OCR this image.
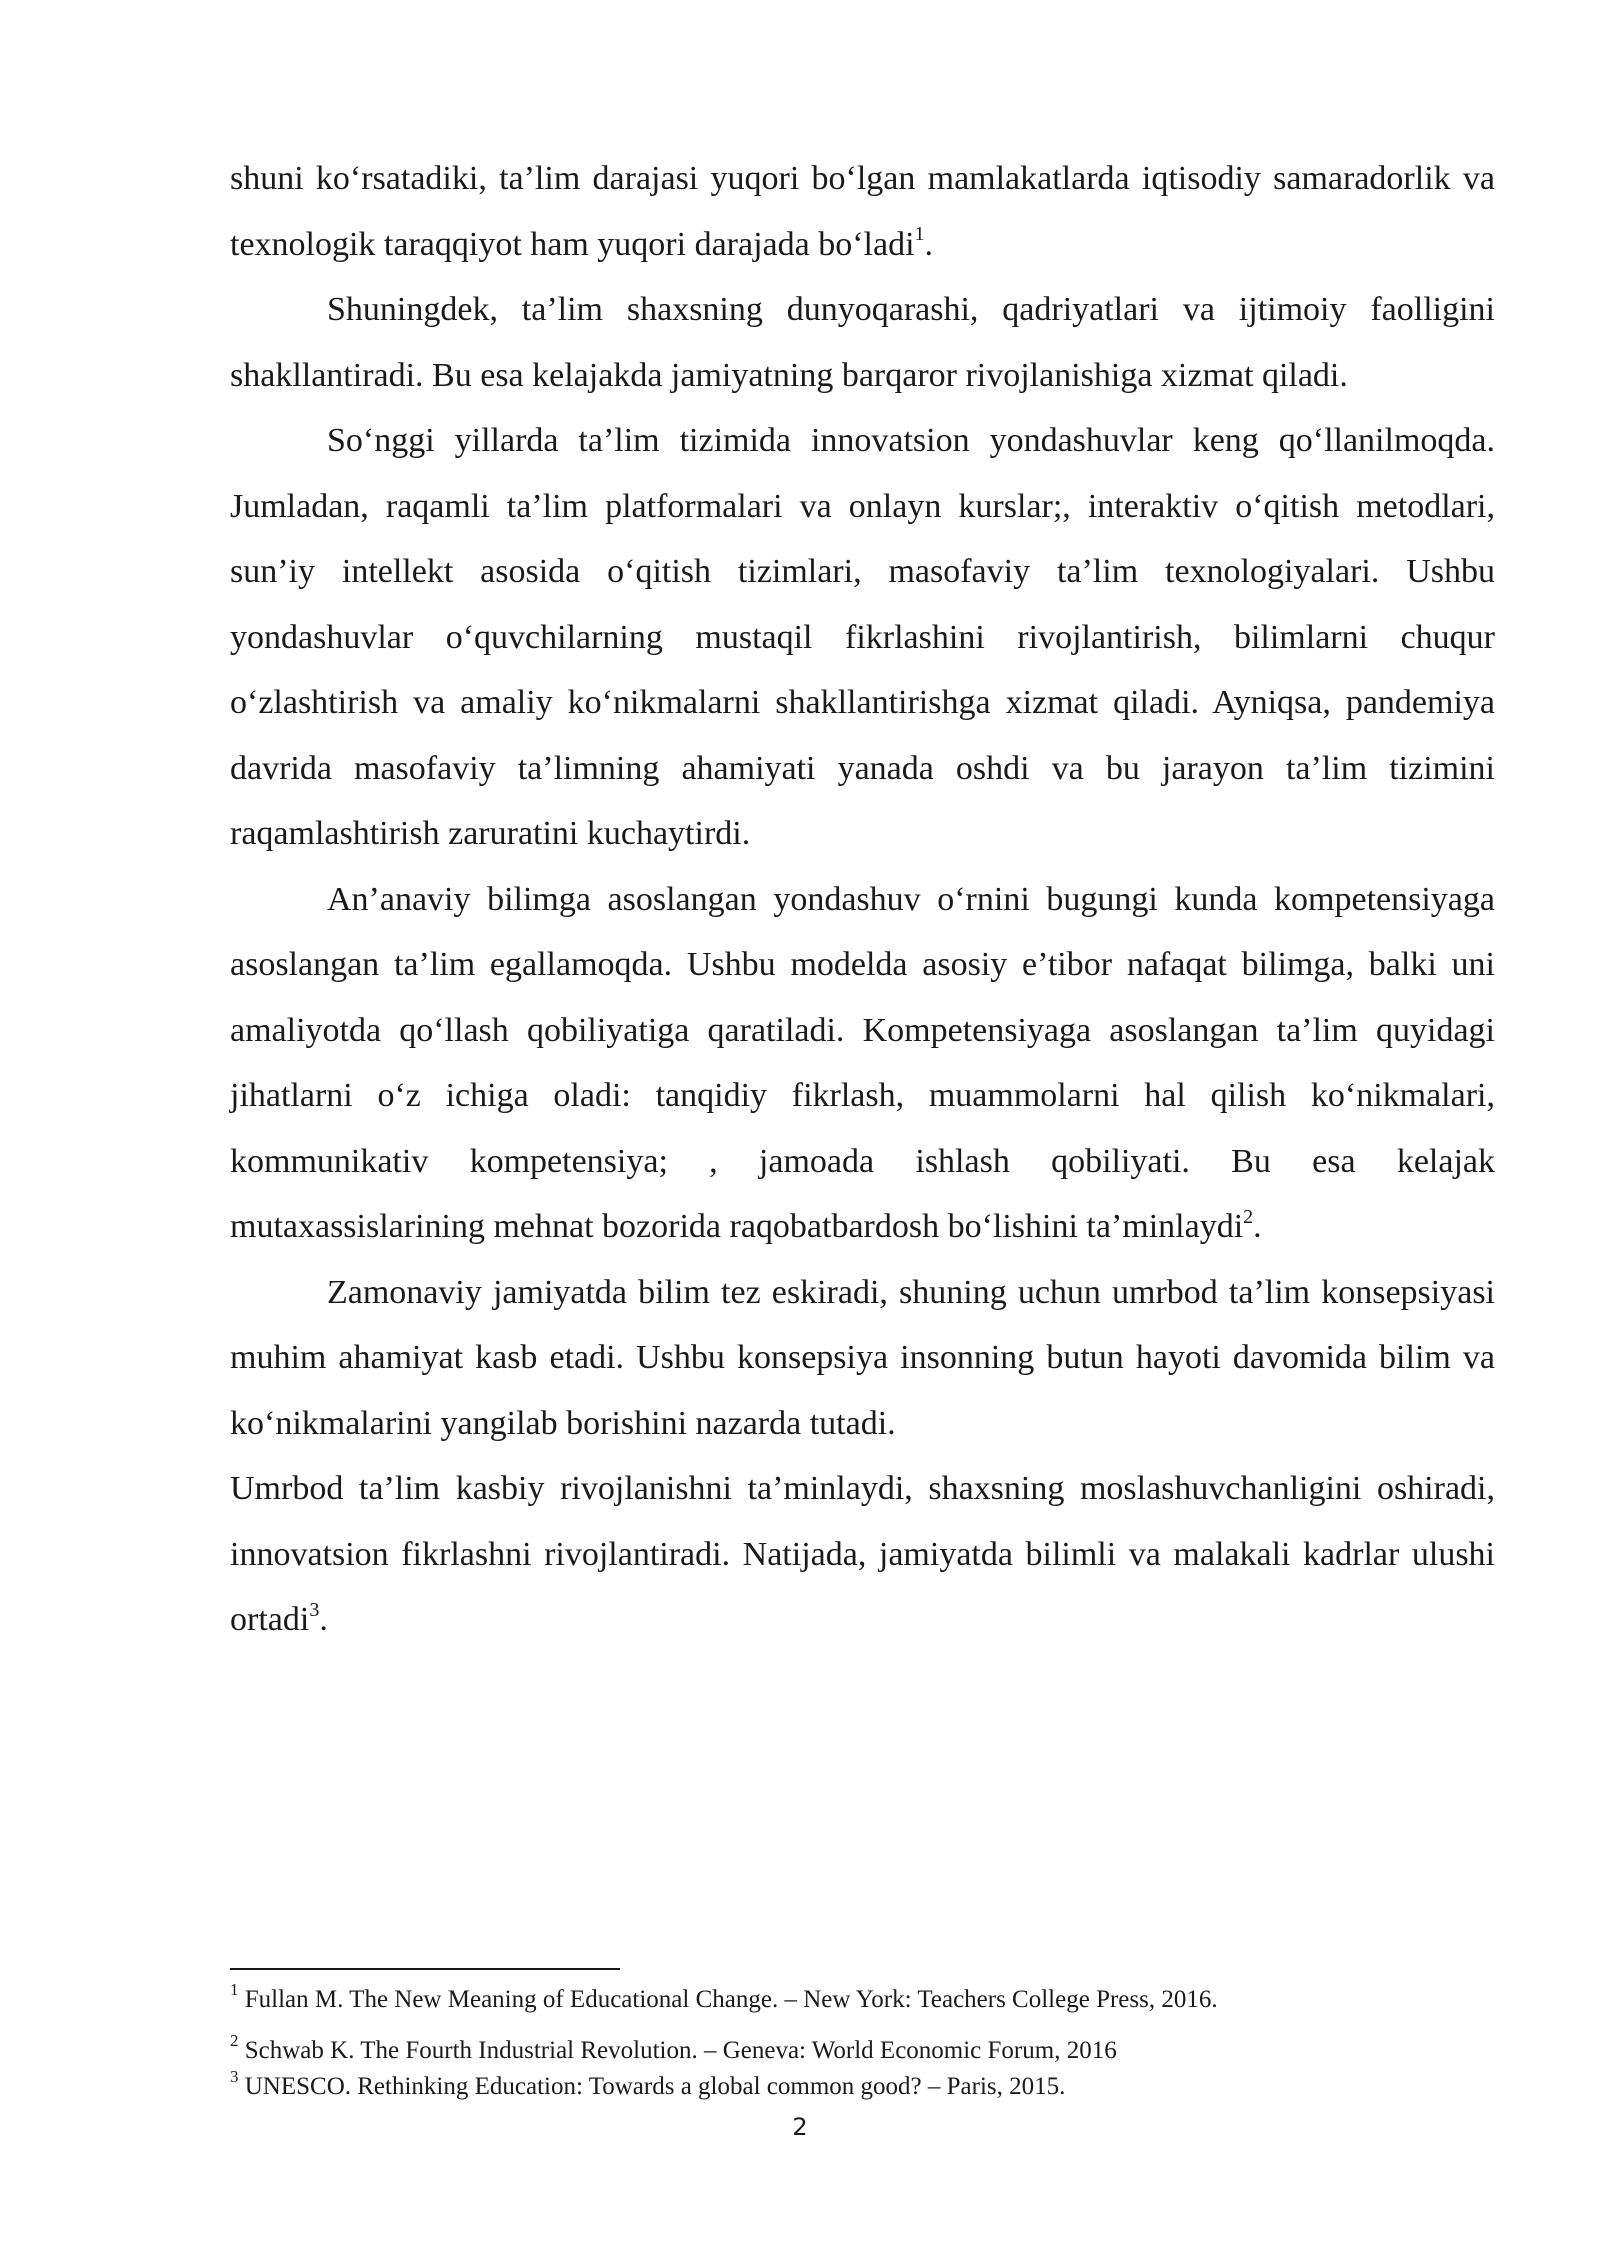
shuni ko‘rsatadiki, ta’lim darajasi yuqori bo‘lgan mamlakatlarda iqtisodiy samaradorlik va texnologik taraqqiyot ham yuqori darajada bo‘ladi$^1$.

Shuningdek, ta’lim shaxsning dunyoqarashi, qadriyatlari va ijtimoiy faolligini shakllantiradi. Bu esa kelajakda jamiyatning barqaror rivojlanishiga xizmat qiladi.

So‘nggi yillarda ta’lim tizimida innovatsion yondashuvlar keng qo‘llanilmoqda. Jumladan, raqamli ta’lim platformalari va onlayn kurslar;, interaktiv o‘qitish metodlari, sun’iy intellekt asosida o‘qitish tizimlari, masofaviy ta’lim texnologiyalari. Ushbu yondashuvlar o‘quvchilarning mustaqil fikrlashini rivojlantirish, bilimlarni chuqur o‘zlashtirish va amaliy ko‘nikmalarni shakllantirishga xizmat qiladi. Ayniqsa, pandemiya davrida masofaviy ta’limning ahamiyati yanada oshdi va bu jarayon ta’lim tizimini raqamlashtirish zaruratini kuchaytirdi.

An’anaviy bilimga asoslangan yondashuv o‘rnini bugungi kunda kompetensiyaga asoslangan ta’lim egallamoqda. Ushbu modelda asosiy e’tibor nafaqat bilimga, balki uni amaliyotda qo‘llash qobiliyatiga qaratiladi. Kompetensiyaga asoslangan ta’lim quyidagi jihatlarni o‘z ichiga oladi: tanqidiy fikrlash, muammolarni hal qilish ko‘nikmalari, kommunikativ kompetensiya; , jamoada ishlash qobiliyati. Bu esa kelajak mutaxassislarining mehnat bozorida raqobatbardosh bo‘lishini ta’minlaydi$^2$.

Zamonaviy jamiyatda bilim tez eskiradi, shuning uchun umrbod ta’lim konsepsiyasi muhim ahamiyat kasb etadi. Ushbu konsepsiya insonning butun hayoti davomida bilim va ko‘nikmalarini yangilab borishini nazarda tutadi.

Umrbod ta’lim kasbiy rivojlanishni ta’minlaydi, shaxsning moslashuvchanligini oshiradi, innovatsion fikrlashni rivojlantiradi. Natijada, jamiyatda bilimli va malakali kadrlar ulushi ortadi$^3$.

$^1$ Fullan M. The New Meaning of Educational Change. – New York: Teachers College Press, 2016.

$^2$ Schwab K. The Fourth Industrial Revolution. – Geneva: World Economic Forum, 2016

$^3$ UNESCO. Rethinking Education: Towards a global common good? – Paris, 2015.

2
